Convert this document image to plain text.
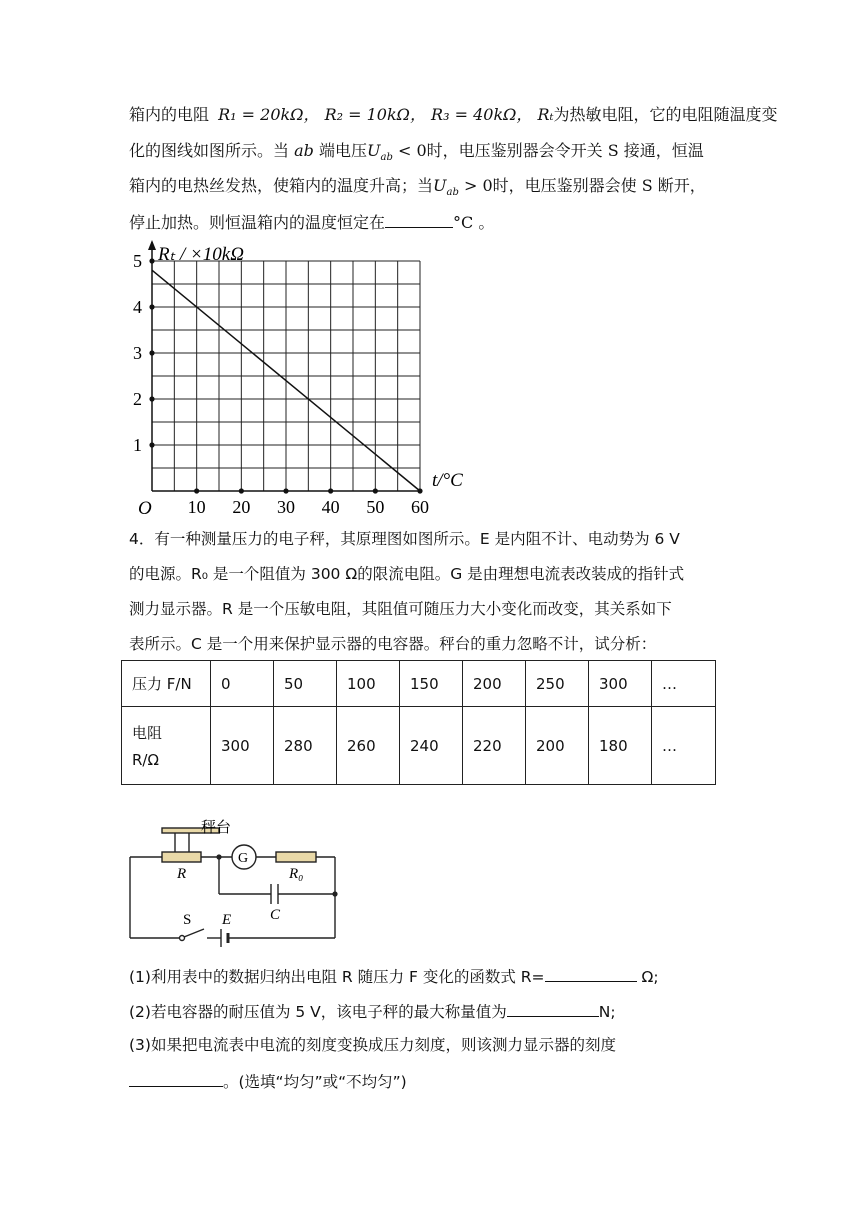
箱内的电阻 R₁ = 20kΩ， R₂ = 10kΩ， R₃ = 40kΩ， Rₜ为热敏电阻，它的电阻随温度变
化的图线如图所示。当 ab 端电压$U_{ab} < 0$时，电压鉴别器会令开关 S 接通，恒温
箱内的电热丝发热，使箱内的温度升高；当$U_{ab} > 0$时，电压鉴别器会使 S 断开，
停止加热。则恒温箱内的温度恒定在	°C 。
1
2
3
4
5
10 20 30 40 50 60
Rₜ / ×10kΩ
t/°C
O
4．有一种测量压力的电子秤，其原理图如图所示。E 是内阻不计、电动势为 6 V
的电源。R₀ 是一个阻值为 300 Ω的限流电阻。G 是由理想电流表改装成的指针式
测力显示器。R 是一个压敏电阻，其阻值可随压力大小变化而改变，其关系如下
表所示。C 是一个用来保护显示器的电容器。秤台的重力忽略不计，试分析：
压力 F/N	0	50	100	150	200	250	300	…

电阻
R/Ω	300	280	260	240	220	200	180	…
秤台
R
G
R₀
C
S E
(1)利用表中的数据归纳出电阻 R 随压力 F 变化的函数式 R=	Ω;
(2)若电容器的耐压值为 5 V，该电子秤的最大称量值为	N;
(3)如果把电流表中电流的刻度变换成压力刻度，则该测力显示器的刻度
。(选填“均匀”或“不均匀”)
